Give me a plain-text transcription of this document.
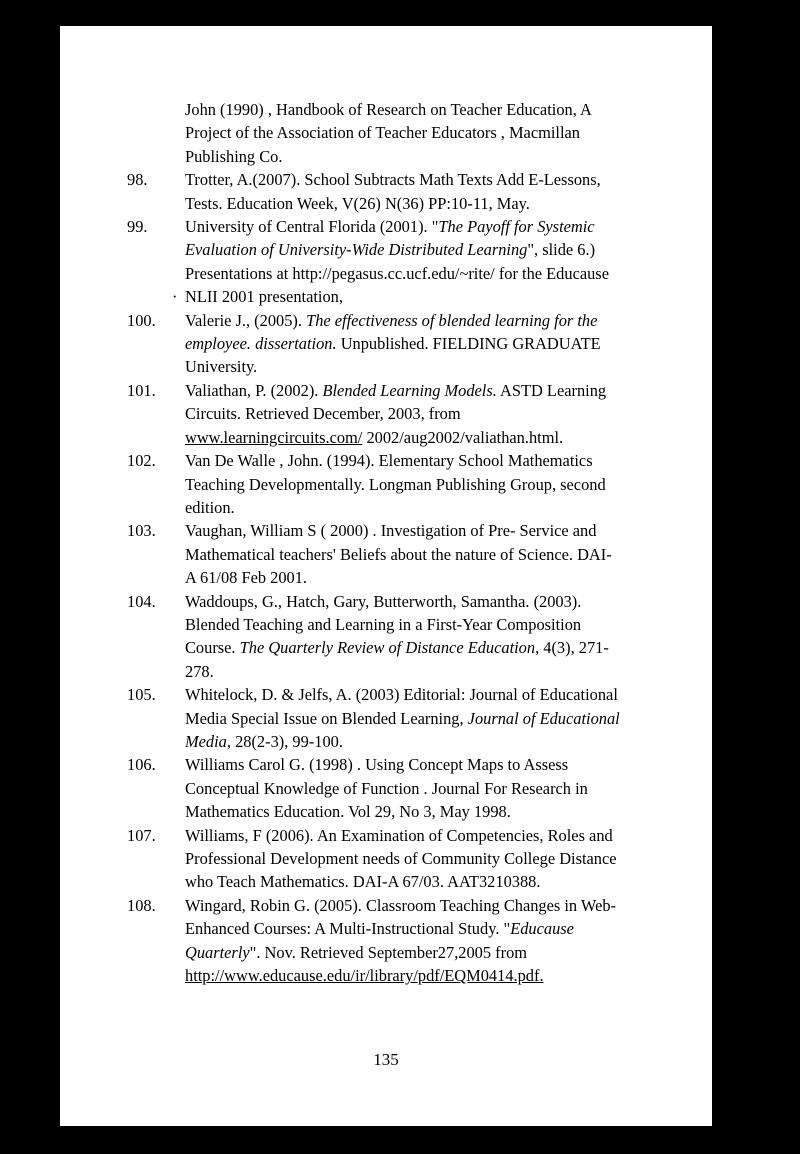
John (1990) , Handbook of Research on Teacher Education, A
Project of the Association of Teacher Educators , Macmillan
Publishing Co.
98. Trotter, A.(2007). School Subtracts Math Texts Add E-Lessons,
Tests. Education Week, V(26) N(36) PP:10-11, May.
99. University of Central Florida (2001). "The Payoff for Systemic
Evaluation of University-Wide Distributed Learning", slide 6.)
Presentations at http://pegasus.cc.ucf.edu/~rite/ for the Educause
· NLII 2001 presentation,
100. Valerie J., (2005). The effectiveness of blended learning for the
employee. dissertation. Unpublished. FIELDING GRADUATE
University.
101. Valiathan, P. (2002). Blended Learning Models. ASTD Learning
Circuits. Retrieved December, 2003, from
www.learningcircuits.com/ 2002/aug2002/valiathan.html.
102. Van De Walle , John. (1994). Elementary School Mathematics
Teaching Developmentally. Longman Publishing Group, second
edition.
103. Vaughan, William S ( 2000) . Investigation of Pre- Service and
Mathematical teachers' Beliefs about the nature of Science. DAI-
A 61/08 Feb 2001.
104. Waddoups, G., Hatch, Gary, Butterworth, Samantha. (2003).
Blended Teaching and Learning in a First-Year Composition
Course. The Quarterly Review of Distance Education, 4(3), 271-
278.
105. Whitelock, D. & Jelfs, A. (2003) Editorial: Journal of Educational
Media Special Issue on Blended Learning, Journal of Educational
Media, 28(2-3), 99-100.
106. Williams Carol G. (1998) . Using Concept Maps to Assess
Conceptual Knowledge of Function . Journal For Research in
Mathematics Education. Vol 29, No 3, May 1998.
107. Williams, F (2006). An Examination of Competencies, Roles and
Professional Development needs of Community College Distance
who Teach Mathematics. DAI-A 67/03. AAT3210388.
108. Wingard, Robin G. (2005). Classroom Teaching Changes in Web-
Enhanced Courses: A Multi-Instructional Study. "Educause
Quarterly". Nov. Retrieved September27,2005 from
http://www.educause.edu/ir/library/pdf/EQM0414.pdf.
135
